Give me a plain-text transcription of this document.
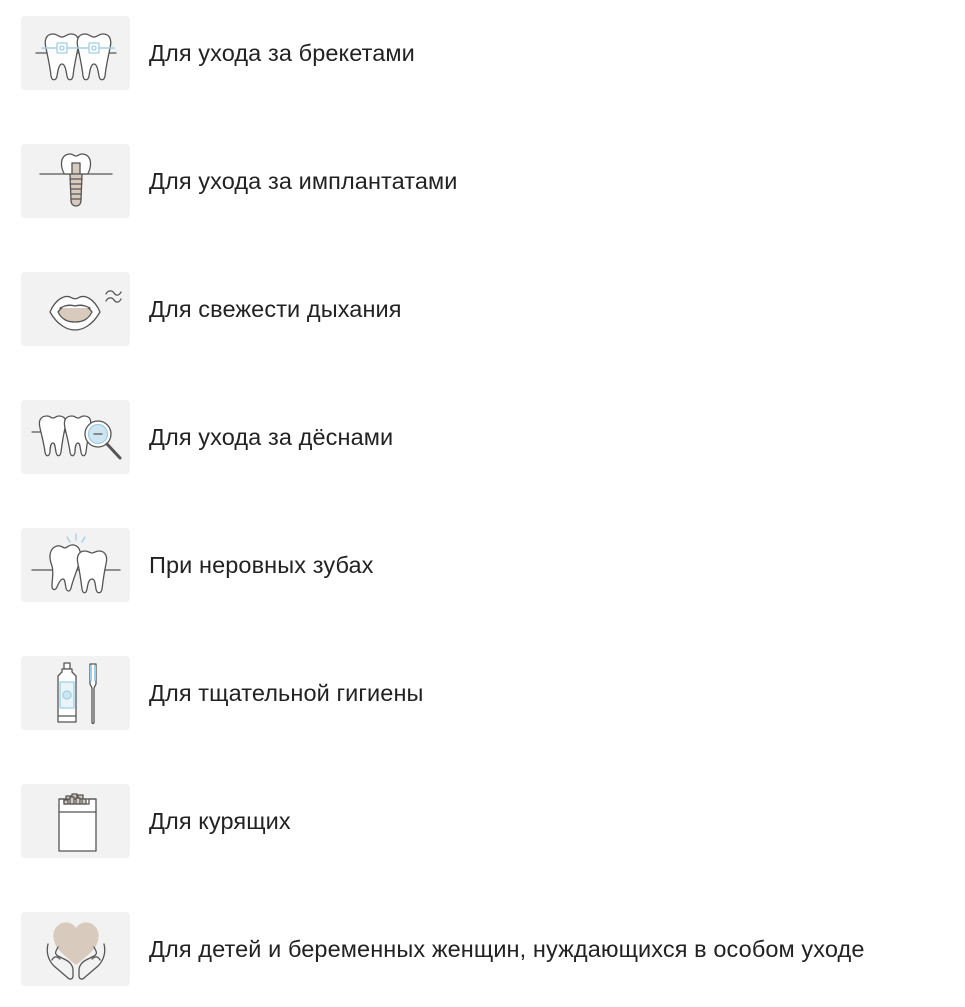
Для ухода за брекетами
Для ухода за имплантатами
Для свежести дыхания
Для ухода за дёснами
При неровных зубах
Для тщательной гигиены
Для курящих
Для детей и беременных женщин, нуждающихся в особом уходе
